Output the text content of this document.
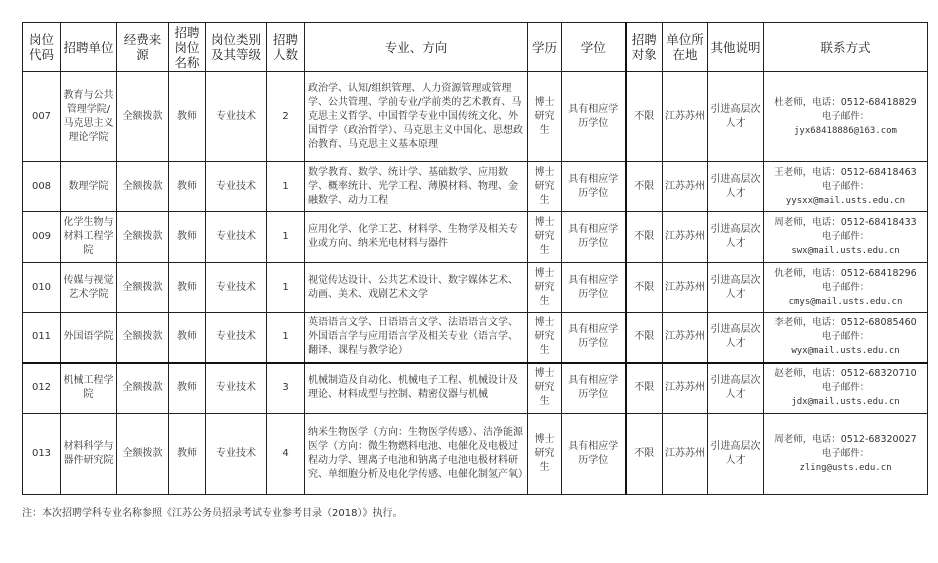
岗位代码	招聘单位	经费来源	招聘岗位名称	岗位类别及其等级	招聘人数	专业、方向	学历	学位	招聘对象	单位所在地	其他说明	联系方式
007	教育与公共管理学院/马克思主义理论学院	全额拨款	教师	专业技术	2	政治学、认知/组织管理、人力资源管理或管理学、公共管理、学前专业/学前类的艺术教育、马克思主义哲学、中国哲学专业中国传统文化、外国哲学（政治哲学）、马克思主义中国化、思想政治教育、马克思主义基本原理	博士研究生	具有相应学历学位	不限	江苏苏州	引进高层次人才	杜老师，电话：0512-68418829　电子邮件：
jyx68418886@163.com

008	数理学院	全额拨款	教师	专业技术	1	数学教育、数学、统计学、基础数学、应用数学、概率统计、光学工程、薄膜材料、物理、金融数学、动力工程	博士研究生	具有相应学历学位	不限	江苏苏州	引进高层次人才	王老师，电话：0512-68418463　电子邮件：
yysxx@mail.usts.edu.cn

009	化学生物与材料工程学院	全额拨款	教师	专业技术	1	应用化学、化学工艺、材料学、生物学及相关专业或方向、纳米光电材料与器件	博士研究生	具有相应学历学位	不限	江苏苏州	引进高层次人才	周老师，电话：0512-68418433　电子邮件：
swx@mail.usts.edu.cn

010	传媒与视觉艺术学院	全额拨款	教师	专业技术	1	视觉传达设计、公共艺术设计、数字媒体艺术、动画、美术、戏剧艺术文学	博士研究生	具有相应学历学位	不限	江苏苏州	引进高层次人才	仇老师，电话：0512-68418296　电子邮件：
cmys@mail.usts.edu.cn

011	外国语学院	全额拨款	教师	专业技术	1	英语语言文学、日语语言文学、法语语言文学、外国语言学与应用语言学及相关专业（语言学、翻译、课程与教学论）	博士研究生	具有相应学历学位	不限	江苏苏州	引进高层次人才	李老师，电话：0512-68085460　电子邮件：
wyx@mail.usts.edu.cn

012	机械工程学院	全额拨款	教师	专业技术	3	机械制造及自动化、机械电子工程、机械设计及理论、材料成型与控制、精密仪器与机械	博士研究生	具有相应学历学位	不限	江苏苏州	引进高层次人才	赵老师，电话：0512-68320710　电子邮件：
jdx@mail.usts.edu.cn

013	材料科学与器件研究院	全额拨款	教师	专业技术	4	纳米生物医学（方向：生物医学传感）、洁净能源医学（方向：微生物燃料电池、电催化及电极过程动力学、锂离子电池和钠离子电池电极材料研究、单细胞分析及电化学传感、电催化制氢产氧）	博士研究生	具有相应学历学位	不限	江苏苏州	引进高层次人才	周老师，电话：0512-68320027　电子邮件：
zling@usts.edu.cn
注：本次招聘学科专业名称参照《江苏公务员招录考试专业参考目录（2018）》执行。
